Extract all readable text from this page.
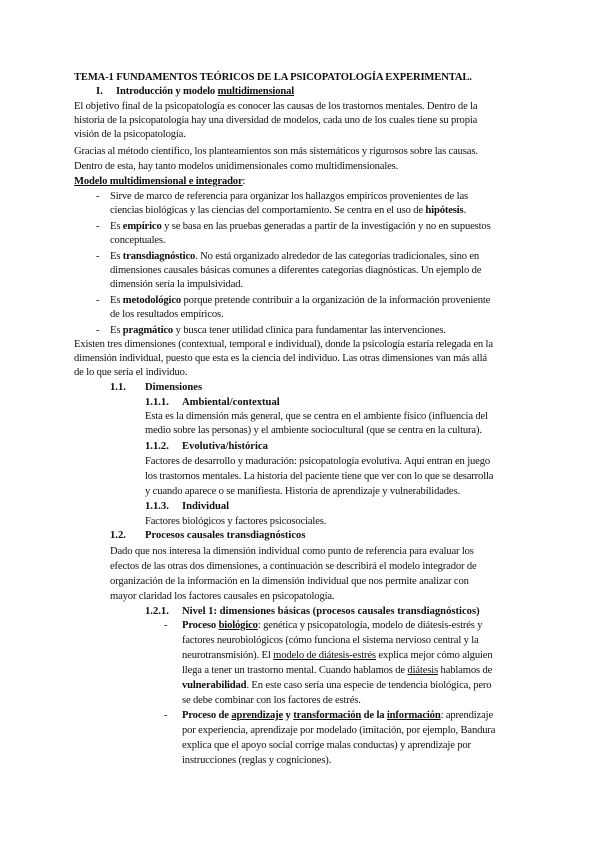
TEMA-1 FUNDAMENTOS TEÓRICOS DE LA PSICOPATOLOGÍA EXPERIMENTAL.
I. Introducción y modelo multidimensional
El objetivo final de la psicopatología es conocer las causas de los trastornos mentales. Dentro de la
historia de la psicopatología hay una diversidad de modelos, cada uno de los cuales tiene su propia
visión de la psicopatología.
Gracias al método científico, los planteamientos son más sistemáticos y rigurosos sobre las causas.
Dentro de esta, hay tanto modelos unidimensionales como multidimensionales.
Modelo multidimensional e integrador:
- Sirve de marco de referencia para organizar los hallazgos empíricos provenientes de las
ciencias biológicas y las ciencias del comportamiento. Se centra en el uso de hipótesis.
- Es empírico y se basa en las pruebas generadas a partir de la investigación y no en supuestos
conceptuales.
- Es transdiagnóstico. No está organizado alrededor de las categorías tradicionales, sino en
dimensiones causales básicas comunes a diferentes categorías diagnósticas. Un ejemplo de
dimensión sería la impulsividad.
- Es metodológico porque pretende contribuir a la organización de la información proveniente
de los resultados empíricos.
- Es pragmático y busca tener utilidad clínica para fundamentar las intervenciones.
Existen tres dimensiones (contextual, temporal e individual), donde la psicología estaría relegada en la
dimensión individual, puesto que esta es la ciencia del individuo. Las otras dimensiones van más allá
de lo que sería el individuo.
1.1. Dimensiones
1.1.1. Ambiental/contextual
Esta es la dimensión más general, que se centra en el ambiente físico (influencia del
medio sobre las personas) y el ambiente sociocultural (que se centra en la cultura).
1.1.2. Evolutiva/histórica
Factores de desarrollo y maduración: psicopatología evolutiva. Aquí entran en juego
los trastornos mentales. La historia del paciente tiene que ver con lo que se desarrolla
y cuando aparece o se manifiesta. Historia de aprendizaje y vulnerabilidades.
1.1.3. Individual
Factores biológicos y factores psicosociales.
1.2. Procesos causales transdiagnósticos
Dado que nos interesa la dimensión individual como punto de referencia para evaluar los
efectos de las otras dos dimensiones, a continuación se describirá el modelo integrador de
organización de la información en la dimensión individual que nos permite analizar con
mayor claridad los factores causales en psicopatología.
1.2.1. Nivel 1: dimensiones básicas (procesos causales transdiagnósticos)
- Proceso biológico: genética y psicopatología, modelo de diátesis-estrés y
factores neurobiológicos (cómo funciona el sistema nervioso central y la
neurotransmisión). El modelo de diátesis-estrés explica mejor cómo alguien
llega a tener un trastorno mental. Cuando hablamos de diátesis hablamos de
vulnerabilidad. En este caso sería una especie de tendencia biológica, pero
se debe combinar con los factores de estrés.
- Proceso de aprendizaje y transformación de la información: aprendizaje
por experiencia, aprendizaje por modelado (imitación, por ejemplo, Bandura
explica que el apoyo social corrige malas conductas) y aprendizaje por
instrucciones (reglas y cogniciones).
